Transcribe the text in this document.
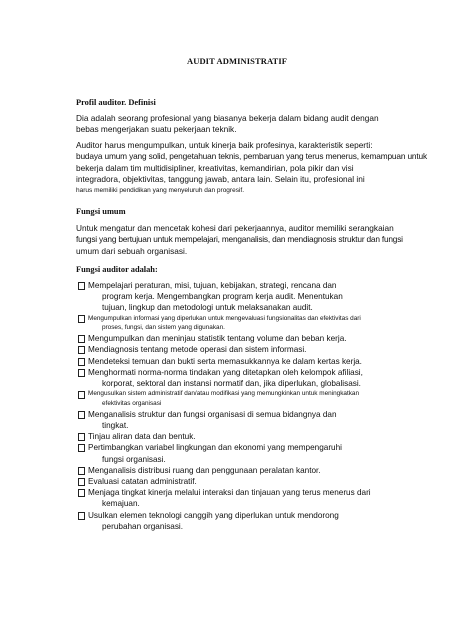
AUDIT ADMINISTRATIF
Profil auditor. Definisi
Dia adalah seorang profesional yang biasanya bekerja dalam bidang audit dengan
bebas mengerjakan suatu pekerjaan teknik.
Auditor harus mengumpulkan, untuk kinerja baik profesinya, karakteristik seperti:
budaya umum yang solid, pengetahuan teknis, pembaruan yang terus menerus, kemampuan untuk
bekerja dalam tim multidisipliner, kreativitas, kemandirian, pola pikir dan visi
integradora, objektivitas, tanggung jawab, antara lain. Selain itu, profesional ini
harus memiliki pendidikan yang menyeluruh dan progresif.
Fungsi umum
Untuk mengatur dan mencetak kohesi dari pekerjaannya, auditor memiliki serangkaian
fungsi yang bertujuan untuk mempelajari, menganalisis, dan mendiagnosis struktur dan fungsi
umum dari sebuah organisasi.
Fungsi auditor adalah:
Mempelajari peraturan, misi, tujuan, kebijakan, strategi, rencana dan
program kerja. Mengembangkan program kerja audit. Menentukan
tujuan, lingkup dan metodologi untuk melaksanakan audit.
Mengumpulkan informasi yang diperlukan untuk mengevaluasi fungsionalitas dan efektivitas dari
proses, fungsi, dan sistem yang digunakan.
Mengumpulkan dan meninjau statistik tentang volume dan beban kerja.
Mendiagnosis tentang metode operasi dan sistem informasi.
Mendeteksi temuan dan bukti serta memasukkannya ke dalam kertas kerja.
Menghormati norma-norma tindakan yang ditetapkan oleh kelompok afiliasi,
korporat, sektoral dan instansi normatif dan, jika diperlukan, globalisasi.
Mengusulkan sistem administratif dan/atau modifikasi yang memungkinkan untuk meningkatkan
efektivitas organisasi
Menganalisis struktur dan fungsi organisasi di semua bidangnya dan
tingkat.
Tinjau aliran data dan bentuk.
Pertimbangkan variabel lingkungan dan ekonomi yang mempengaruhi
fungsi organisasi.
Menganalisis distribusi ruang dan penggunaan peralatan kantor.
Evaluasi catatan administratif.
Menjaga tingkat kinerja melalui interaksi dan tinjauan yang terus menerus dari
kemajuan.
Usulkan elemen teknologi canggih yang diperlukan untuk mendorong
perubahan organisasi.
